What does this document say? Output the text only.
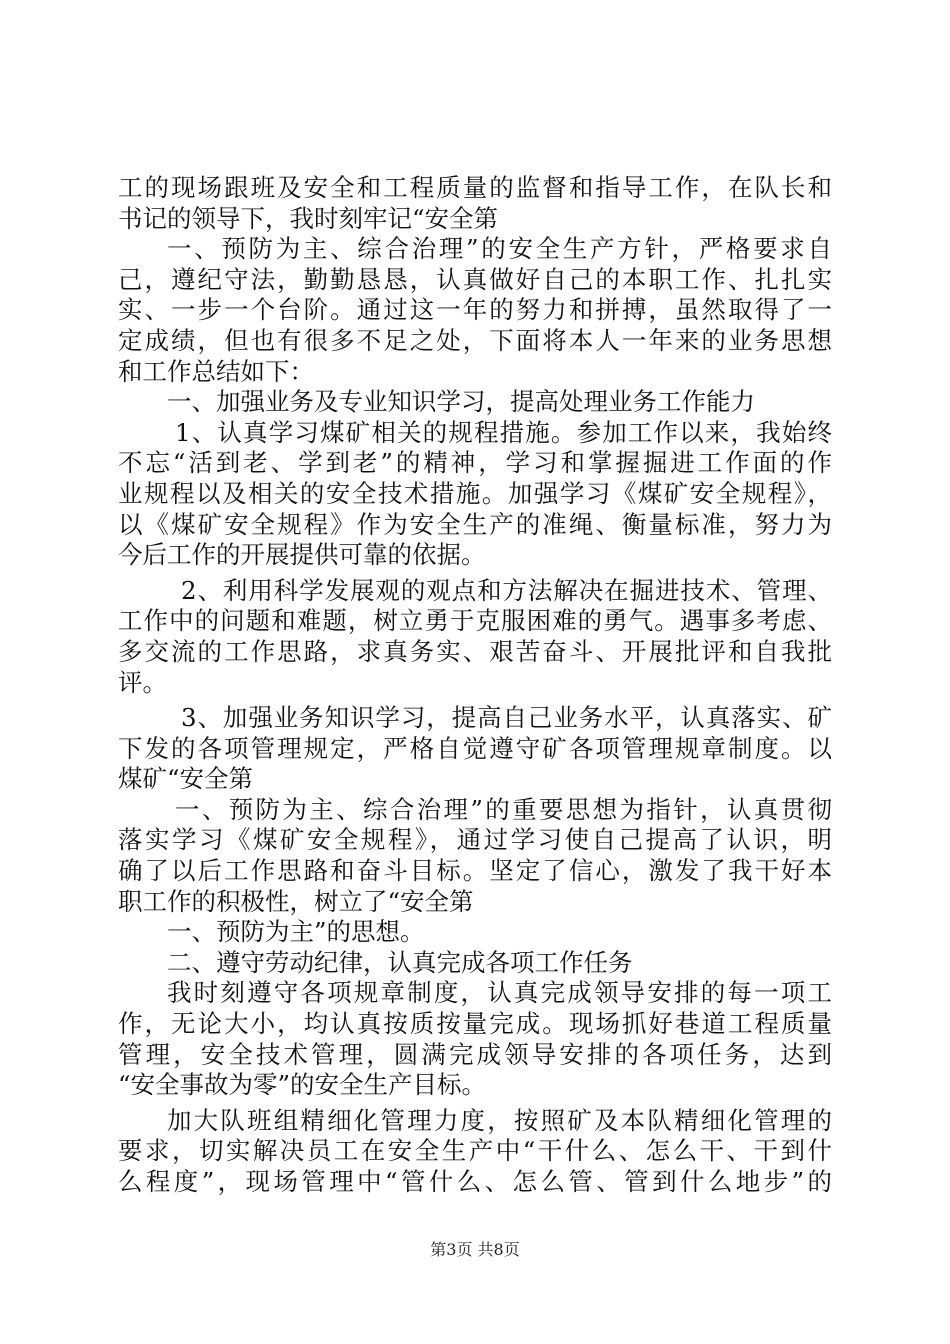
工的现场跟班及安全和工程质量的监督和指导工作，在队长和
书记的领导下，我时刻牢记“安全第
一、预防为主、综合治理”的安全生产方针，严格要求自
己，遵纪守法，勤勤恳恳，认真做好自己的本职工作、扎扎实
实、一步一个台阶。通过这一年的努力和拼搏，虽然取得了一
定成绩，但也有很多不足之处，下面将本人一年来的业务思想
和工作总结如下：
一、加强业务及专业知识学习，提高处理业务工作能力
1、认真学习煤矿相关的规程措施。参加工作以来，我始终
不忘“活到老、学到老”的精神，学习和掌握掘进工作面的作
业规程以及相关的安全技术措施。加强学习《煤矿安全规程》，
以《煤矿安全规程》作为安全生产的准绳、衡量标准，努力为
今后工作的开展提供可靠的依据。
2、利用科学发展观的观点和方法解决在掘进技术、管理、
工作中的问题和难题，树立勇于克服困难的勇气。遇事多考虑、
多交流的工作思路，求真务实、艰苦奋斗、开展批评和自我批
评。
3、加强业务知识学习，提高自己业务水平，认真落实、矿
下发的各项管理规定，严格自觉遵守矿各项管理规章制度。以
煤矿“安全第
一、预防为主、综合治理”的重要思想为指针，认真贯彻
落实学习《煤矿安全规程》，通过学习使自己提高了认识，明
确了以后工作思路和奋斗目标。坚定了信心，激发了我干好本
职工作的积极性，树立了“安全第
一、预防为主”的思想。
二、遵守劳动纪律，认真完成各项工作任务
我时刻遵守各项规章制度，认真完成领导安排的每一项工
作，无论大小，均认真按质按量完成。现场抓好巷道工程质量
管理，安全技术管理，圆满完成领导安排的各项任务，达到
“安全事故为零”的安全生产目标。
加大队班组精细化管理力度，按照矿及本队精细化管理的
要求，切实解决员工在安全生产中“干什么、怎么干、干到什
么程度”，现场管理中“管什么、怎么管、管到什么地步”的
第3页 共8页
